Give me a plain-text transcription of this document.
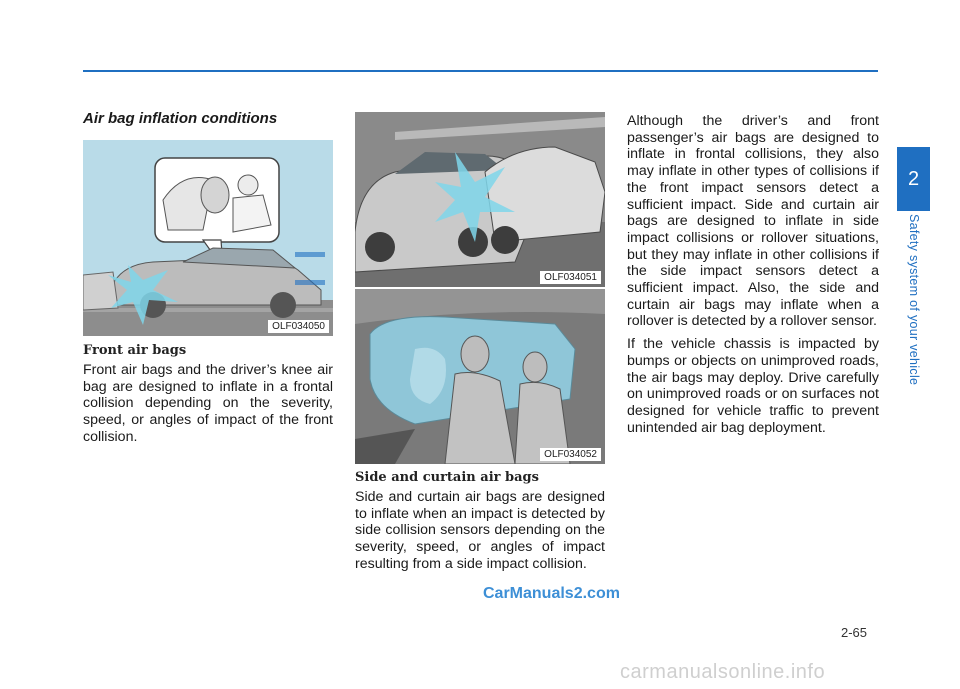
Air bag inflation conditions
OLF034050
OLF034051
OLF034052
Front air bags

Front air bags and the driver’s knee air bag are designed to inflate in a frontal collision depending on the severity, speed, or angles of impact of the front collision.

Side and curtain air bags

Side and curtain air bags are designed to inflate when an impact is detected by side collision sensors depending on the severity, speed, or angles of impact resulting from a side impact collision.

Although the driver’s and front passenger’s air bags are designed to inflate in frontal collisions, they also may inflate in other types of collisions if the front impact sensors detect a sufficient impact. Side and curtain air bags are designed to inflate in side impact collisions or rollover situations, but they may inflate in other collisions if the side impact sensors detect a sufficient impact. Also, the side and curtain air bags may inflate when a rollover is detected by a rollover sensor.

If the vehicle chassis is impacted by bumps or objects on unimproved roads, the air bags may deploy. Drive carefully on unimproved roads or on surfaces not designed for vehicle traffic to prevent unintended air bag deployment.

2
Safety system of your vehicle
2-65
CarManuals2.com
carmanualsonline.info
